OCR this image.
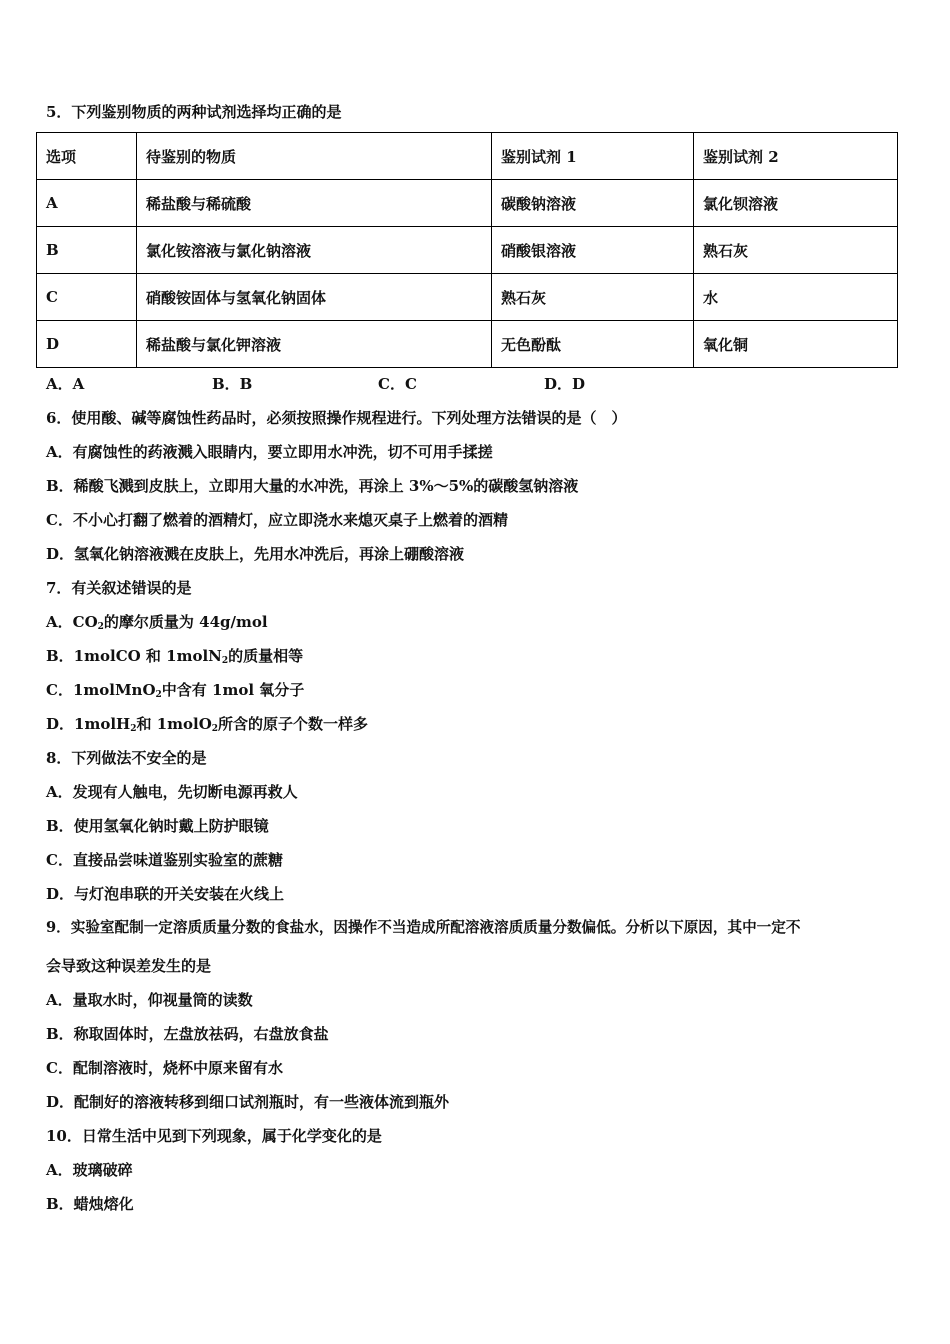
5．下列鉴别物质的两种试剂选择均正确的是
选项	待鉴别的物质	鉴别试剂 1	鉴别试剂 2
A	稀盐酸与稀硫酸	碳酸钠溶液	氯化钡溶液
B	氯化铵溶液与氯化钠溶液	硝酸银溶液	熟石灰
C	硝酸铵固体与氢氧化钠固体	熟石灰	水
D	稀盐酸与氯化钾溶液	无色酚酞	氧化铜
A．A	B．B	C．C	D．D
6．使用酸、碱等腐蚀性药品时，必须按照操作规程进行。下列处理方法错误的是（　）
A．有腐蚀性的药液溅入眼睛内，要立即用水冲洗，切不可用手揉搓
B．稀酸飞溅到皮肤上，立即用大量的水冲洗，再涂上 3%～5%的碳酸氢钠溶液
C．不小心打翻了燃着的酒精灯，应立即浇水来熄灭桌子上燃着的酒精
D．氢氧化钠溶液溅在皮肤上，先用水冲洗后，再涂上硼酸溶液
7．有关叙述错误的是
A．$CO_2$的摩尔质量为 44g/mol
B．1molCO 和 1molN$_2$的质量相等
C．1molMnO$_2$中含有 1mol 氧分子
D．1molH$_2$和 1molO$_2$所含的原子个数一样多
8．下列做法不安全的是
A．发现有人触电，先切断电源再救人
B．使用氢氧化钠时戴上防护眼镜
C．直接品尝味道鉴别实验室的蔗糖
D．与灯泡串联的开关安装在火线上
9．实验室配制一定溶质质量分数的食盐水，因操作不当造成所配溶液溶质质量分数偏低。分析以下原因，其中一定不
会导致这种误差发生的是
A．量取水时，仰视量筒的读数
B．称取固体时，左盘放祛码，右盘放食盐
C．配制溶液时，烧杯中原来留有水
D．配制好的溶液转移到细口试剂瓶时，有一些液体流到瓶外
10．日常生活中见到下列现象，属于化学变化的是
A．玻璃破碎
B．蜡烛熔化
